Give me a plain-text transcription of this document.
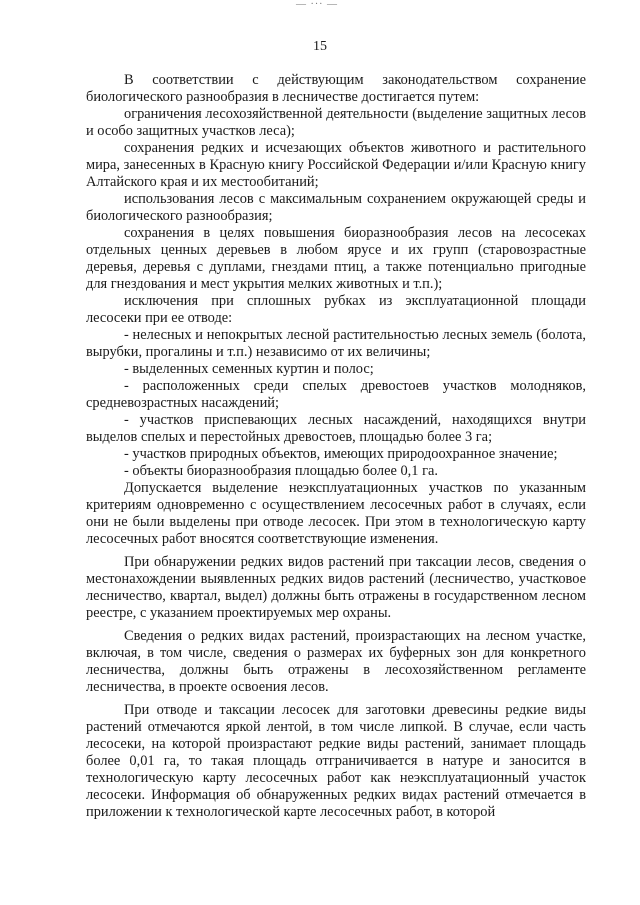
— ··· —
15

В соответствии с действующим законодательством сохранение биологического разнообразия в лесничестве достигается путем:

ограничения лесохозяйственной деятельности (выделение защитных лесов и особо защитных участков леса);

сохранения редких и исчезающих объектов животного и растительного мира, занесенных в Красную книгу Российской Федерации и/или Красную книгу Алтайского края и их местообитаний;

использования лесов с максимальным сохранением окружающей среды и биологического разнообразия;

сохранения в целях повышения биоразнообразия лесов на лесосеках отдельных ценных деревьев в любом ярусе и их групп (старовозрастные деревья, деревья с дуплами, гнездами птиц, а также потенциально пригодные для гнездования и мест укрытия мелких животных и т.п.);

исключения при сплошных рубках из эксплуатационной площади лесосеки при ее отводе:

- нелесных и непокрытых лесной растительностью лесных земель (болота, вырубки, прогалины и т.п.) независимо от их величины;

- выделенных семенных куртин и полос;

- расположенных среди спелых древостоев участков молодняков, средневозрастных насаждений;

- участков приспевающих лесных насаждений, находящихся внутри выделов спелых и перестойных древостоев, площадью более 3 га;

- участков природных объектов, имеющих природоохранное значение;

- объекты биоразнообразия площадью более 0,1 га.

Допускается выделение неэксплуатационных участков по указанным критериям одновременно с осуществлением лесосечных работ в случаях, если они не были выделены при отводе лесосек. При этом в технологическую карту лесосечных работ вносятся соответствующие изменения.

При обнаружении редких видов растений при таксации лесов, сведения о местонахождении выявленных редких видов растений (лесничество, участковое лесничество, квартал, выдел) должны быть отражены в государственном лесном реестре, с указанием проектируемых мер охраны.

Сведения о редких видах растений, произрастающих на лесном участке, включая, в том числе, сведения о размерах их буферных зон для конкретного лесничества, должны быть отражены в лесохозяйственном регламенте лесничества, в проекте освоения лесов.

При отводе и таксации лесосек для заготовки древесины редкие виды растений отмечаются яркой лентой, в том числе липкой. В случае, если часть лесосеки, на которой произрастают редкие виды растений, занимает площадь более 0,01 га, то такая площадь отграничивается в натуре и заносится в технологическую карту лесосечных работ как неэксплуатационный участок лесосеки. Информация об обнаруженных редких видах растений отмечается в приложении к технологической карте лесосечных работ, в которой
